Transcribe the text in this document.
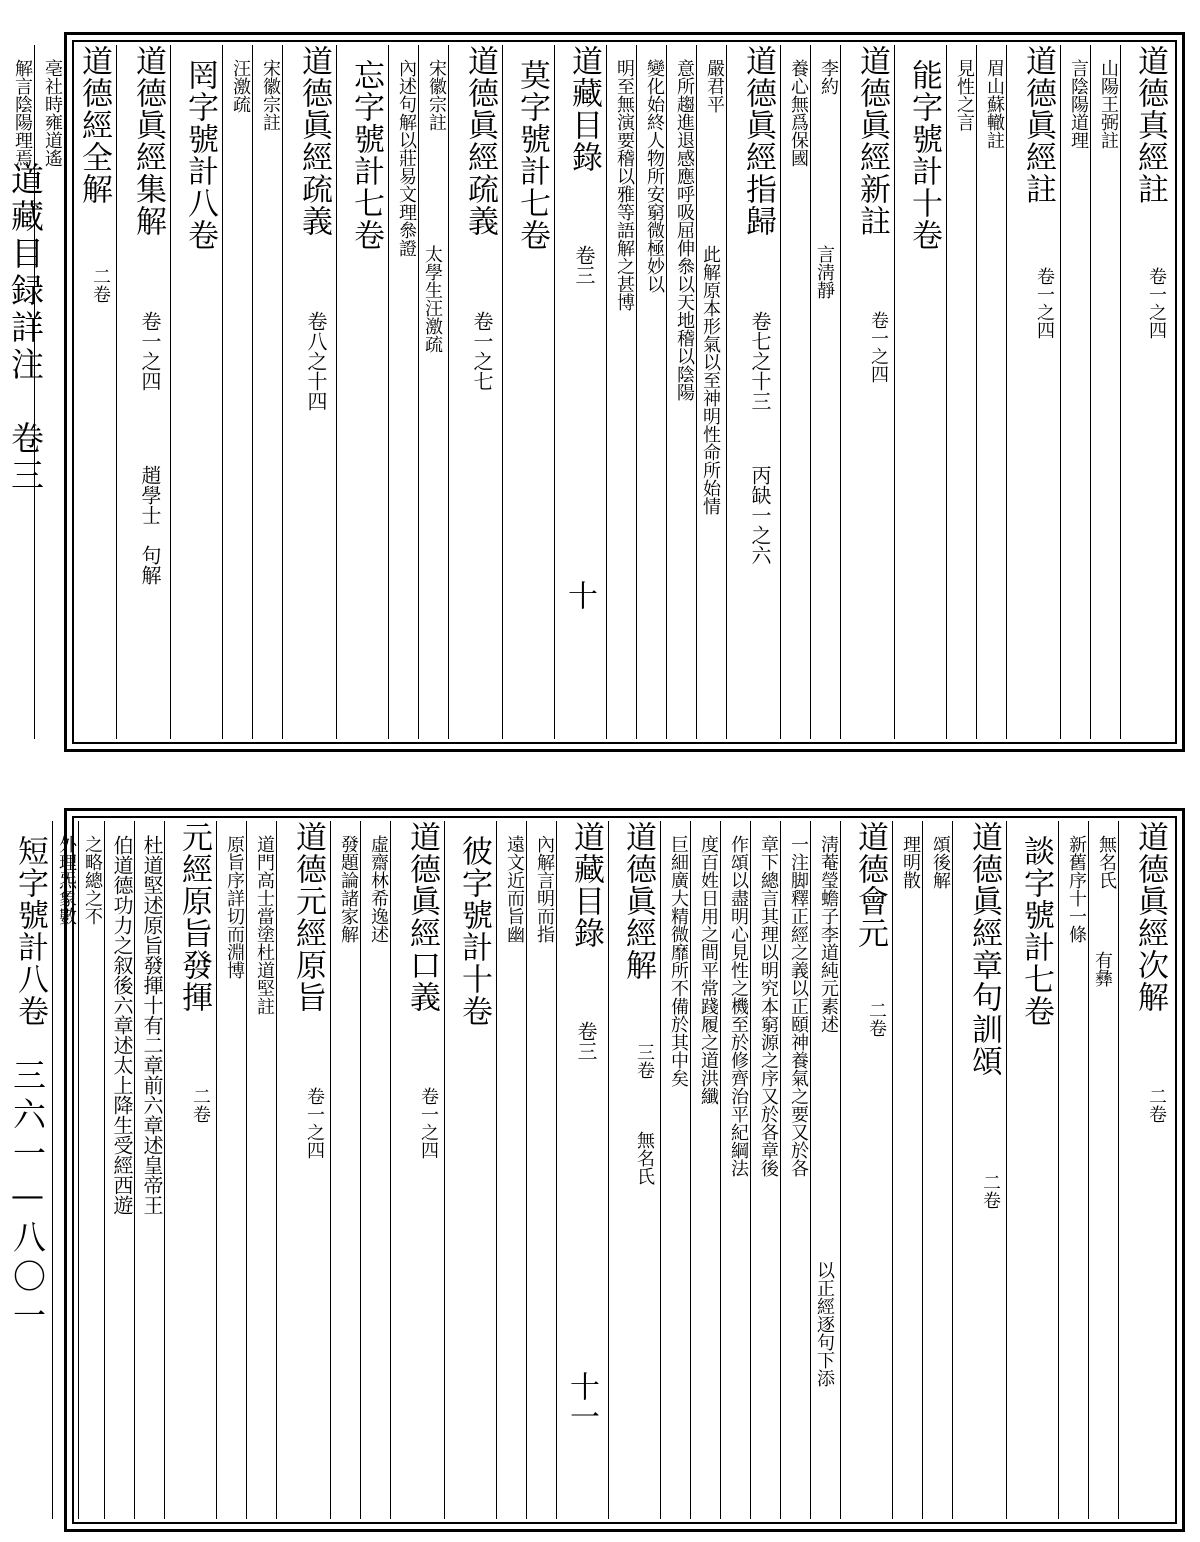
道藏目録詳注　卷三
三六一—八〇一
道德真經註
卷一之四
山陽王弼註
言陰陽道理
道德眞經註
卷一之四
眉山蘇轍註
見性之言
能字號計十卷
道德眞經新註
卷一之四
李約
言淸靜
養心無爲保國
道德眞經指歸
卷七之十三
丙缺一之六
嚴君平
此解原本形氣以至神明性命所始情
意所趨進退感應呼吸屈伸叅以天地稽以陰陽
變化始終人物所安窮微極妙以
明至無演要稽以雅等語解之甚博
道藏目錄
卷三
十
莫字號計七卷
道德眞經疏義
卷一之七
宋徽宗註
太學生汪激疏
內述句解以莊易文理叅證
忘字號計七卷
道德眞經疏義
卷八之十四
宋徽宗註
汪激疏
罔字號計八卷
道德眞經集解
卷一之四
趙學士　句解
道德經全解
二卷
亳社時雍道遙
解言陰陽理焉
道德眞經次解
二卷
無名氏
有彝
新舊序十一條
談字號計七卷
道德眞經章句訓頌
二卷
頌後解
理明散
道德會元
二卷
淸菴瑩蟾子李道純元素述
以正經逐句下添
一注脚釋正經之義以正頤神養氣之要又於各
章下總言其理以明究本窮源之序又於各章後
作頌以盡明心見性之機至於修齊治平紀綱法
度百姓日用之間平常踐履之道洪纖
巨細廣大精微靡所不備於其中矣
道德眞經解
三卷
無名氏
道藏目錄
卷三
十一
內解言明而指
遠文近而旨幽
彼字號計十卷
道德眞經口義
卷一之四
虛齋林希逸述
發題論諸家解
道德元經原旨
卷一之四
道門高士當塗杜道堅註
原旨序詳切而淵博
元經原旨發揮
二卷
杜道堅述原旨發揮十有二章前六章述皇帝王
伯道德功力之叙後六章述太上降生受經西遊
之略總之不
外理炁象數
短字號計八卷
